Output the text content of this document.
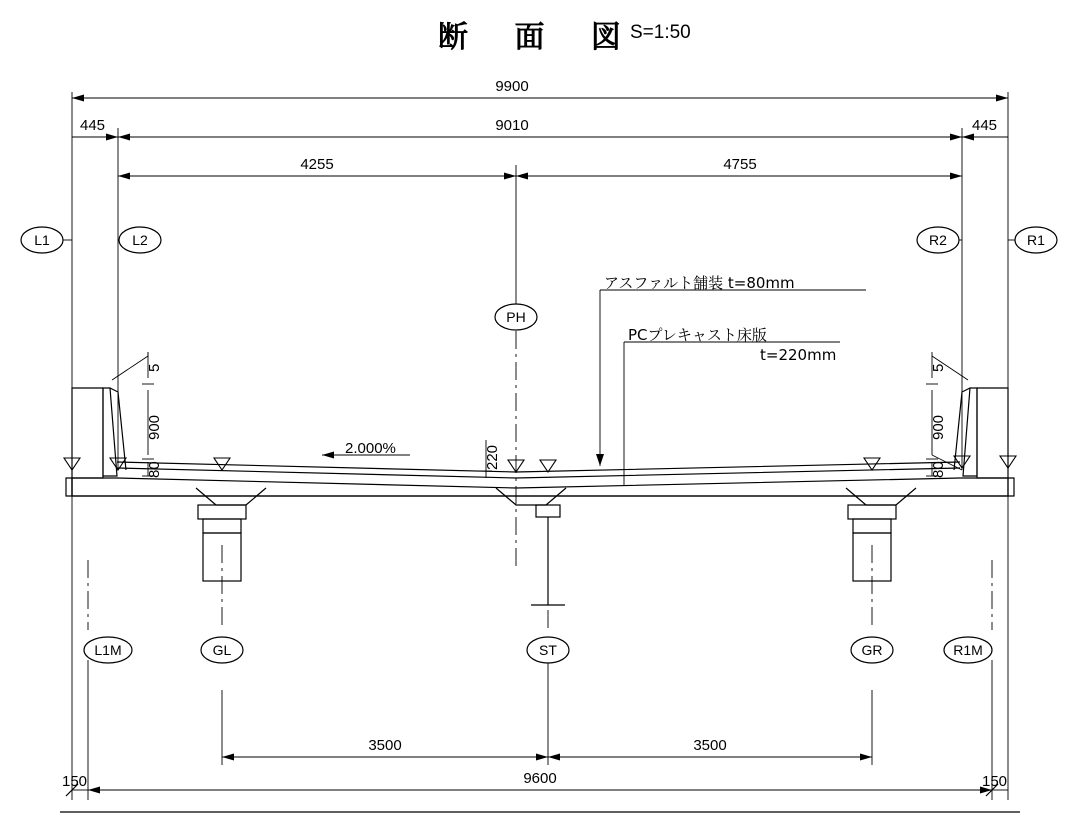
断 面 図
S=1:50
9900
445	9010	445
4255	4755
アスファルト舗装 t=80mm
PCプレキャスト床版
t=220mm
2.000%
5
900
80
5
900
80
220
3500	3500
9600
150	150
L1	L2	R2	R1
PH
L1M	GL	ST	GR	R1M
